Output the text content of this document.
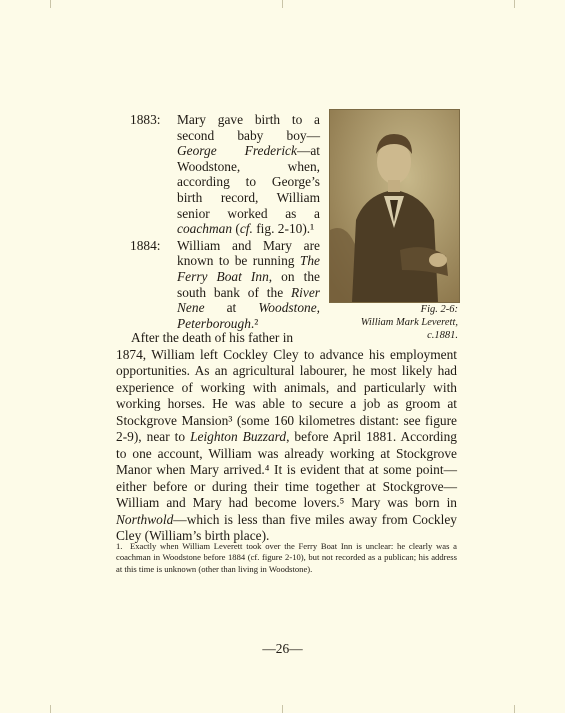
1883:	Mary gave birth to a second baby boy—George Frederick—at Woodstone, when, according to George’s birth record, William senior worked as a coachman (cf. fig. 2-10).¹
1884:	William and Mary are known to be running The Ferry Boat Inn, on the south bank of the River Nene at Woodstone, Peterborough.²
Fig. 2-6:
William Mark Leverett,
c.1881.
After the death of his father in

1874, William left Cockley Cley to advance his employment opportunities. As an agricultural labourer, he most likely had experience of working with animals, and particularly with working horses. He was able to secure a job as groom at Stockgrove Mansion³ (some 160 kilometres distant: see figure 2-9), near to Leighton Buzzard, before April 1881. According to one account, William was already working at Stockgrove Manor when Mary arrived.⁴ It is evident that at some point—either before or during their time together at Stockgrove—William and Mary had become lovers.⁵ Mary was born in Northwold—which is less than five miles away from Cockley Cley (William’s birth place).

1. Exactly when William Leverett took over the Ferry Boat Inn is unclear: he clearly was a coachman in Woodstone before 1884 (cf. figure 2-10), but not recorded as a publican; his address at this time is unknown (other than living in Woodstone).
—26—
